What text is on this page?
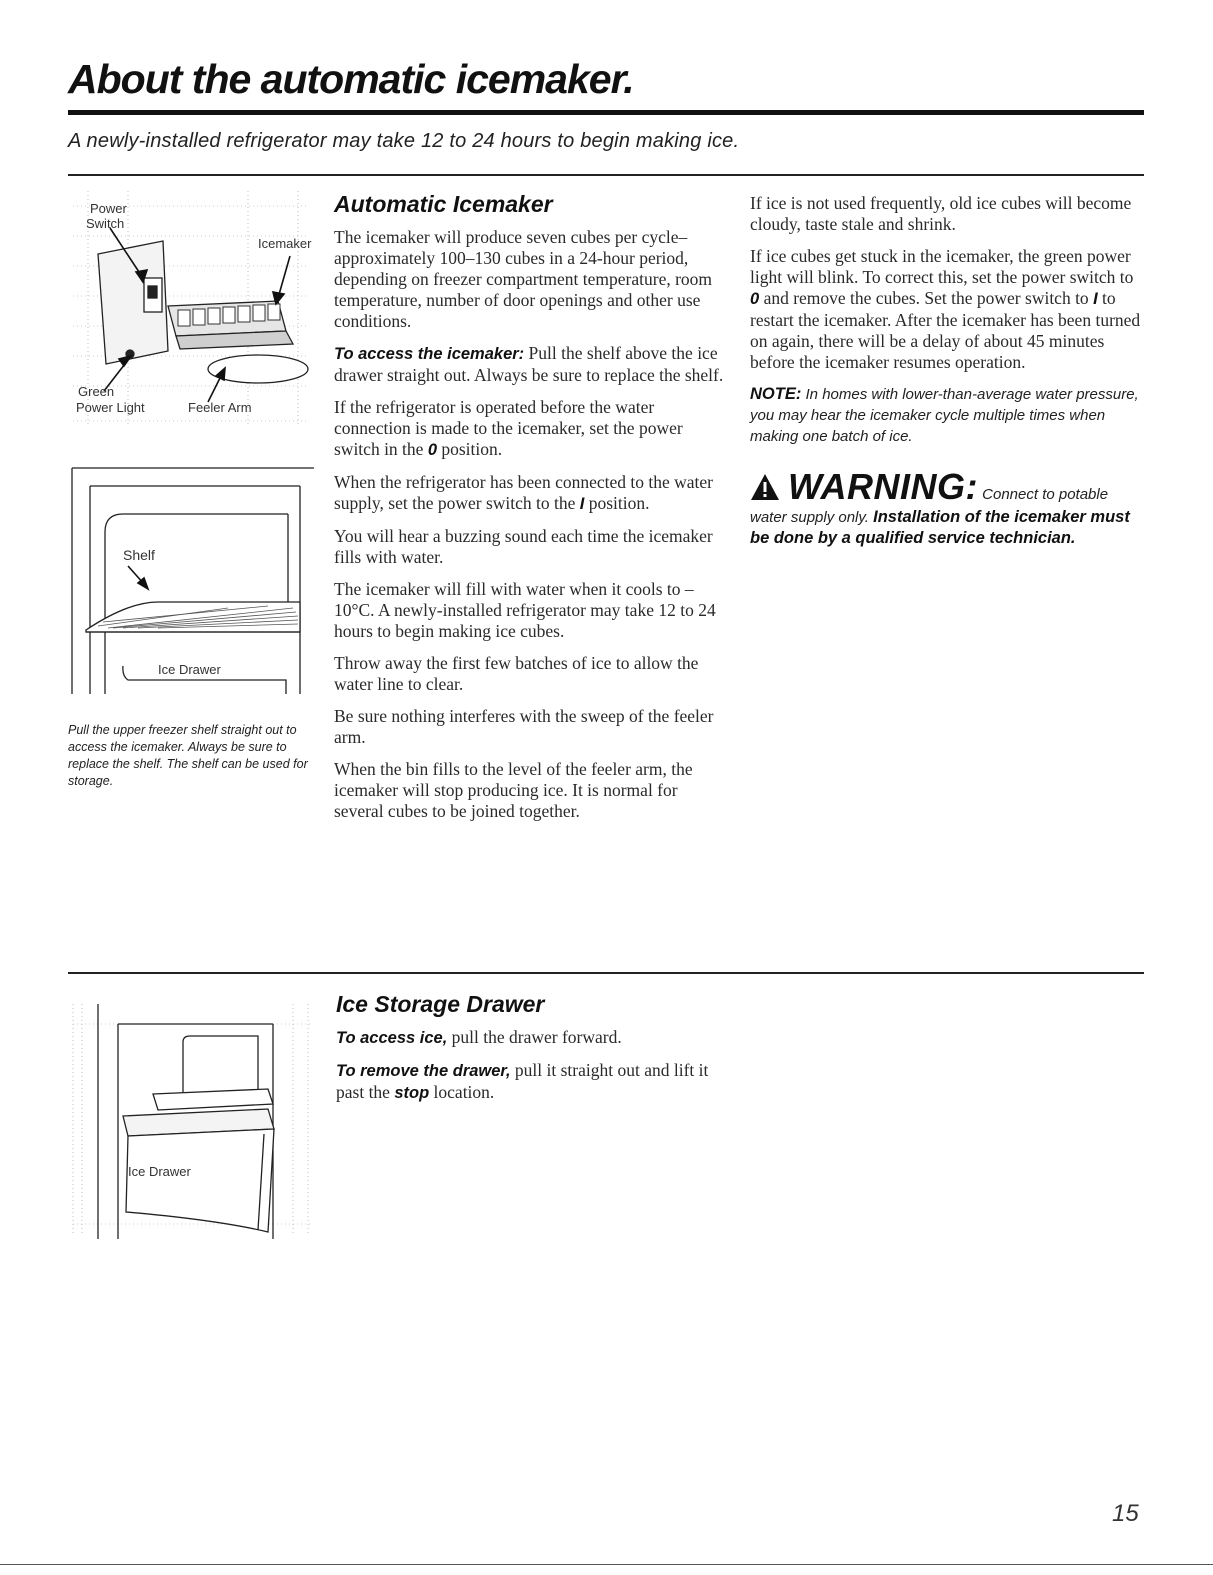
About the automatic icemaker.
A newly-installed refrigerator may take 12 to 24 hours to begin making ice.
Power
Switch
Icemaker
Green
Power Light	Feeler Arm
Shelf
Ice Drawer
Pull the upper freezer shelf straight out to access the icemaker. Always be sure to replace the shelf. The shelf can be used for storage.
Automatic Icemaker

The icemaker will produce seven cubes per cycle–approximately 100–130 cubes in a 24-hour period, depending on freezer compartment temperature, room temperature, number of door openings and other use conditions.

To access the icemaker: Pull the shelf above the ice drawer straight out. Always be sure to replace the shelf.

If the refrigerator is operated before the water connection is made to the icemaker, set the power switch in the 0 position.

When the refrigerator has been connected to the water supply, set the power switch to the I position.

You will hear a buzzing sound each time the icemaker fills with water.

The icemaker will fill with water when it cools to –10°C. A newly-installed refrigerator may take 12 to 24 hours to begin making ice cubes.

Throw away the first few batches of ice to allow the water line to clear.

Be sure nothing interferes with the sweep of the feeler arm.

When the bin fills to the level of the feeler arm, the icemaker will stop producing ice. It is normal for several cubes to be joined together.

If ice is not used frequently, old ice cubes will become cloudy, taste stale and shrink.

If ice cubes get stuck in the icemaker, the green power light will blink. To correct this, set the power switch to 0 and remove the cubes. Set the power switch to I to restart the icemaker. After the icemaker has been turned on again, there will be a delay of about 45 minutes before the icemaker resumes operation.

NOTE: In homes with lower-than-average water pressure, you may hear the icemaker cycle multiple times when making one batch of ice.

WARNING: Connect to potable water supply only. Installation of the icemaker must be done by a qualified service technician.
Ice Drawer
Ice Storage Drawer

To access ice, pull the drawer forward.

To remove the drawer, pull it straight out and lift it past the stop location.

15
